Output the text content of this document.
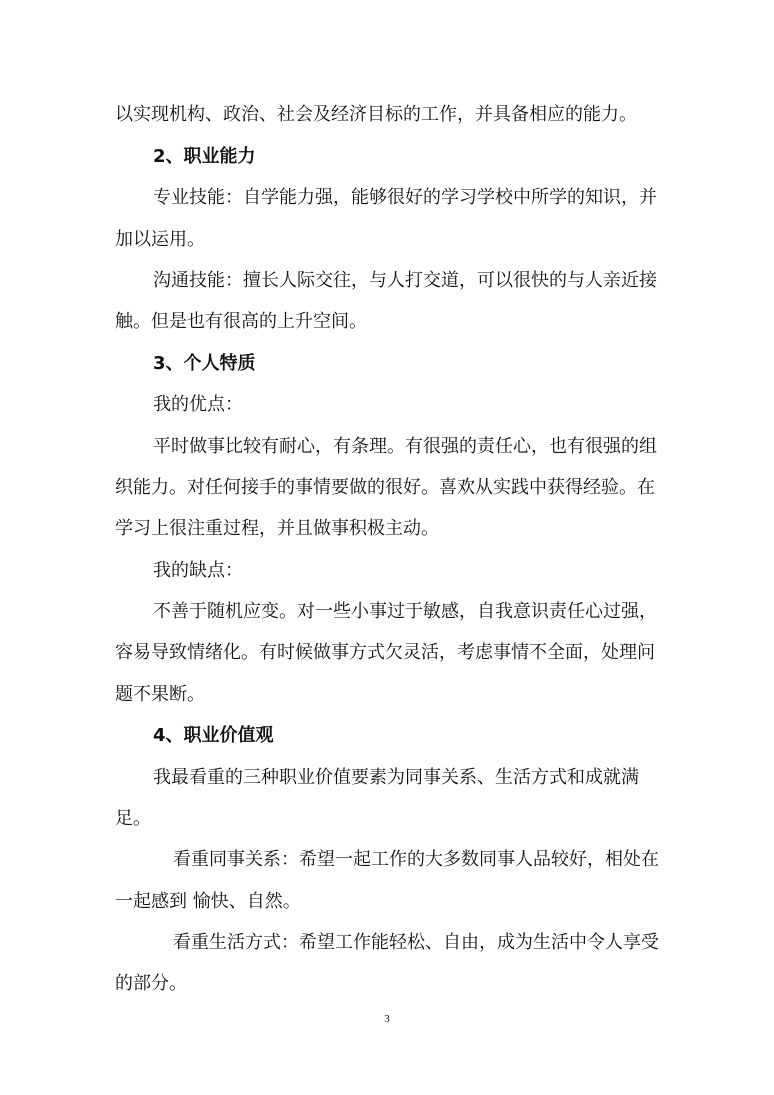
以实现机构、政治、社会及经济目标的工作，并具备相应的能力。
2、职业能力
专业技能：自学能力强，能够很好的学习学校中所学的知识，并
加以运用。
沟通技能：擅长人际交往，与人打交道，可以很快的与人亲近接
触。但是也有很高的上升空间。
3、个人特质
我的优点：
平时做事比较有耐心，有条理。有很强的责任心，也有很强的组
织能力。对任何接手的事情要做的很好。喜欢从实践中获得经验。在
学习上很注重过程，并且做事积极主动。
我的缺点：
不善于随机应变。对一些小事过于敏感，自我意识责任心过强，
容易导致情绪化。有时候做事方式欠灵活，考虑事情不全面，处理问
题不果断。
4、职业价值观
我最看重的三种职业价值要素为同事关系、生活方式和成就满
足。
看重同事关系：希望一起工作的大多数同事人品较好，相处在
一起感到 愉快、自然。
看重生活方式：希望工作能轻松、自由，成为生活中令人享受
的部分。
3
